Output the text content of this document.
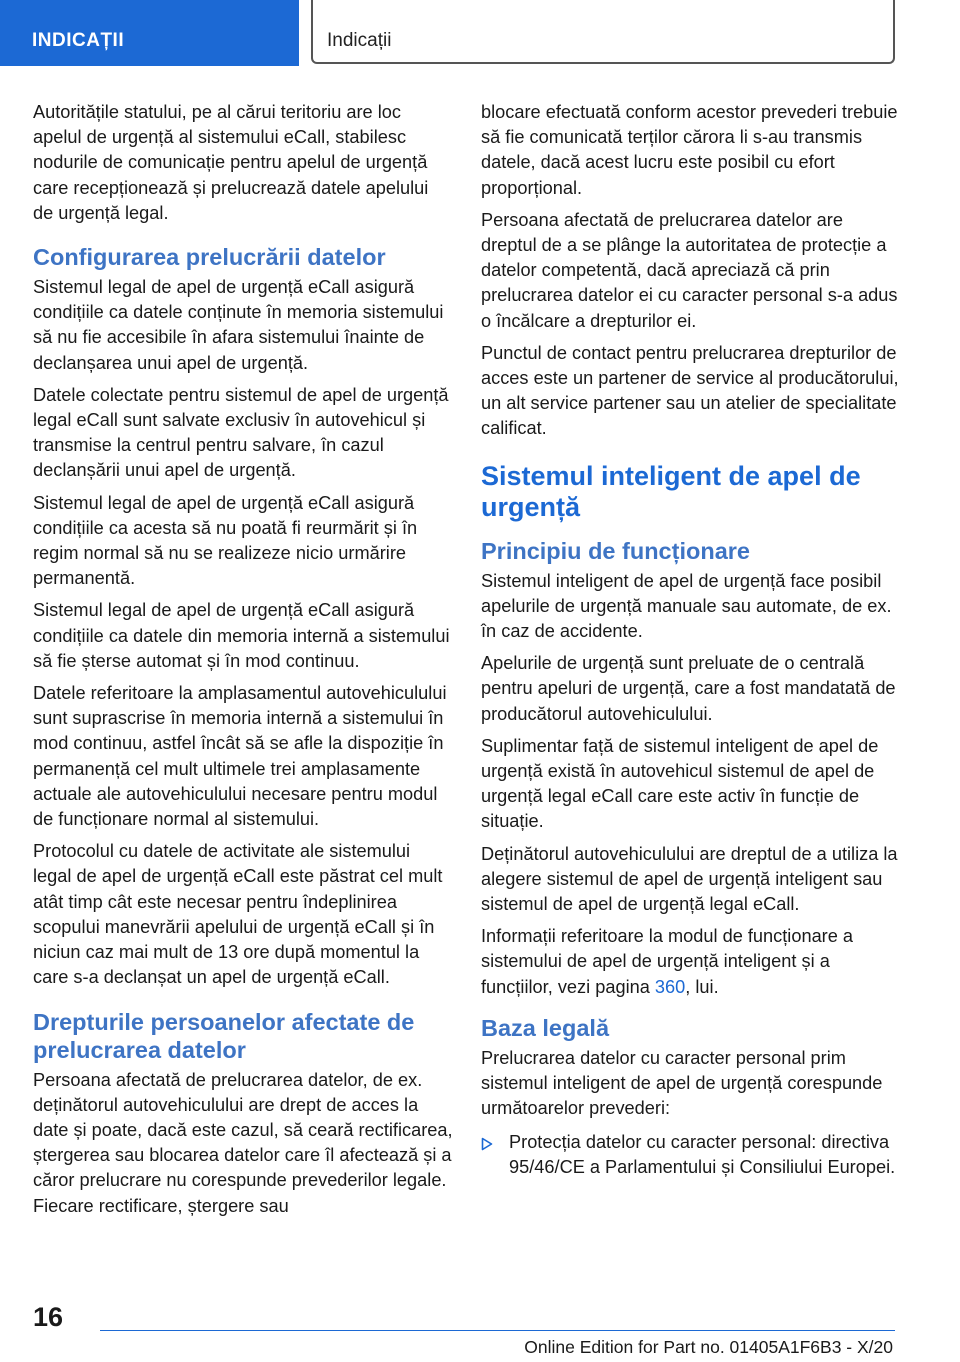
INDICAȚII	Indicații

Autoritățile statului, pe al cărui teritoriu are loc apelul de urgență al sistemului eCall, stabilesc nodurile de comunicație pentru apelul de urgență care recepționează și prelucrează datele apelului de urgență legal.

Configurarea prelucrării datelor

Sistemul legal de apel de urgență eCall asigură condițiile ca datele conținute în memoria sistemului să nu fie accesibile în afara sistemului înainte de declanșarea unui apel de urgență.

Datele colectate pentru sistemul de apel de urgență legal eCall sunt salvate exclusiv în autovehicul și transmise la centrul pentru salvare, în cazul declanșării unui apel de urgență.

Sistemul legal de apel de urgență eCall asigură condițiile ca acesta să nu poată fi reurmărit și în regim normal să nu se realizeze nicio urmărire permanentă.

Sistemul legal de apel de urgență eCall asigură condițiile ca datele din memoria internă a sistemului să fie șterse automat și în mod continuu.

Datele referitoare la amplasamentul autovehiculului sunt suprascrise în memoria internă a sistemului în mod continuu, astfel încât să se afle la dispoziție în permanență cel mult ultimele trei amplasamente actuale ale autovehiculului necesare pentru modul de funcționare normal al sistemului.

Protocolul cu datele de activitate ale sistemului legal de apel de urgență eCall este păstrat cel mult atât timp cât este necesar pentru îndeplinirea scopului manevrării apelului de urgență eCall și în niciun caz mai mult de 13 ore după momentul la care s-a declanșat un apel de urgență eCall.

Drepturile persoanelor afectate de prelucrarea datelor

Persoana afectată de prelucrarea datelor, de ex. deținătorul autovehiculului are drept de acces la date și poate, dacă este cazul, să ceară rectificarea, ștergerea sau blocarea datelor care îl afectează și a căror prelucrare nu corespunde prevederilor legale. Fiecare rectificare, ștergere sau

blocare efectuată conform acestor prevederi trebuie să fie comunicată terților cărora li s-au transmis datele, dacă acest lucru este posibil cu efort proporțional.

Persoana afectată de prelucrarea datelor are dreptul de a se plânge la autoritatea de protecție a datelor competentă, dacă apreciază că prin prelucrarea datelor ei cu caracter personal s-a adus o încălcare a drepturilor ei.

Punctul de contact pentru prelucrarea drepturilor de acces este un partener de service al producătorului, un alt service partener sau un atelier de specialitate calificat.

Sistemul inteligent de apel de urgență
Principiu de funcționare

Sistemul inteligent de apel de urgență face posibil apelurile de urgență manuale sau automate, de ex. în caz de accidente.

Apelurile de urgență sunt preluate de o centrală pentru apeluri de urgență, care a fost mandatată de producătorul autovehiculului.

Suplimentar față de sistemul inteligent de apel de urgență există în autovehicul sistemul de apel de urgență legal eCall care este activ în funcție de situație.

Deținătorul autovehiculului are dreptul de a utiliza la alegere sistemul de apel de urgență inteligent sau sistemul de apel de urgență legal eCall.

Informații referitoare la modul de funcționare a sistemului de apel de urgență inteligent și a funcțiilor, vezi pagina 360, lui.

Baza legală

Prelucrarea datelor cu caracter personal prim sistemul inteligent de apel de urgență corespunde următoarelor prevederi:

Protecția datelor cu caracter personal: directiva 95/46/CE a Parlamentului și Consiliului Europei.
16
Online Edition for Part no. 01405A1F6B3 - X/20
